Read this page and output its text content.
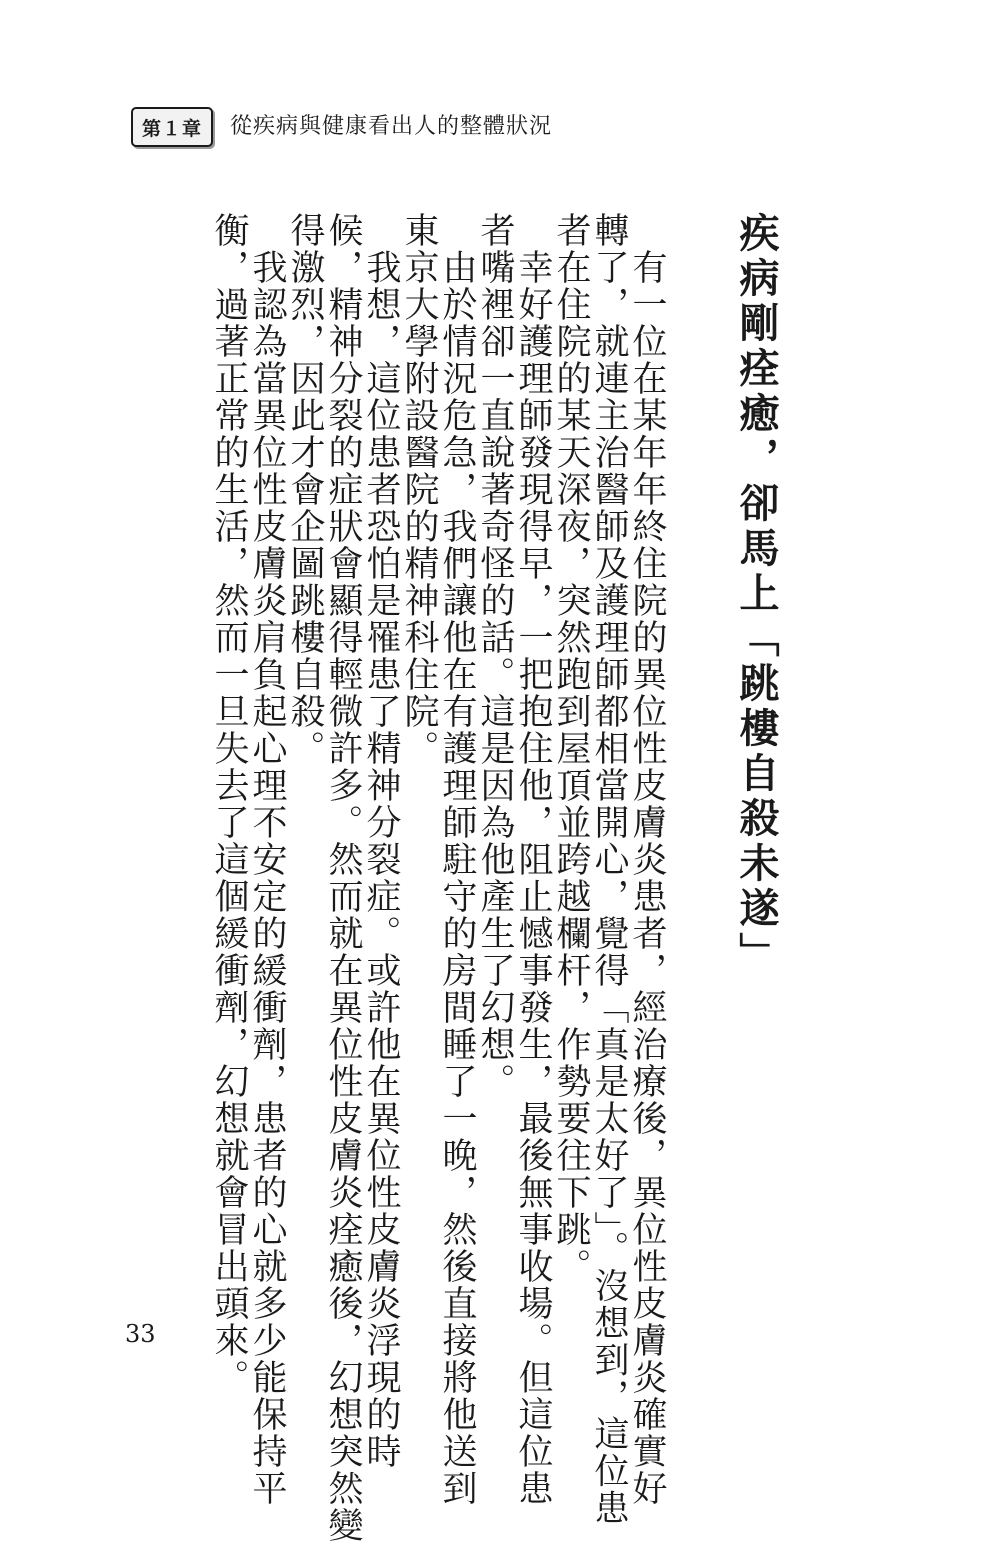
第１章	從疾病與健康看出人的整體狀況
疾病剛痊癒，卻馬上「跳樓自殺未遂」
　有一位在某年年終住院的異位性皮膚炎患者，經治療後，異位性皮膚炎確實好
轉了，就連主治醫師及護理師都相當開心，覺得「真是太好了」。沒想到，這位患
者在住院的某天深夜，突然跑到屋頂並跨越欄杆，作勢要往下跳。
　幸好護理師發現得早，一把抱住他，阻止憾事發生，最後無事收場。但這位患
者嘴裡卻一直說著奇怪的話。這是因為他產生了幻想。
　由於情況危急，我們讓他在有護理師駐守的房間睡了一晚，然後直接將他送到
東京大學附設醫院的精神科住院。
　我想，這位患者恐怕是罹患了精神分裂症。或許他在異位性皮膚炎浮現的時
候，精神分裂的症狀會顯得輕微許多。然而就在異位性皮膚炎痊癒後，幻想突然變
得激烈，因此才會企圖跳樓自殺。
　我認為當異位性皮膚炎肩負起心理不安定的緩衝劑，患者的心就多少能保持平
衡，過著正常的生活，然而一旦失去了這個緩衝劑，幻想就會冒出頭來。
33
